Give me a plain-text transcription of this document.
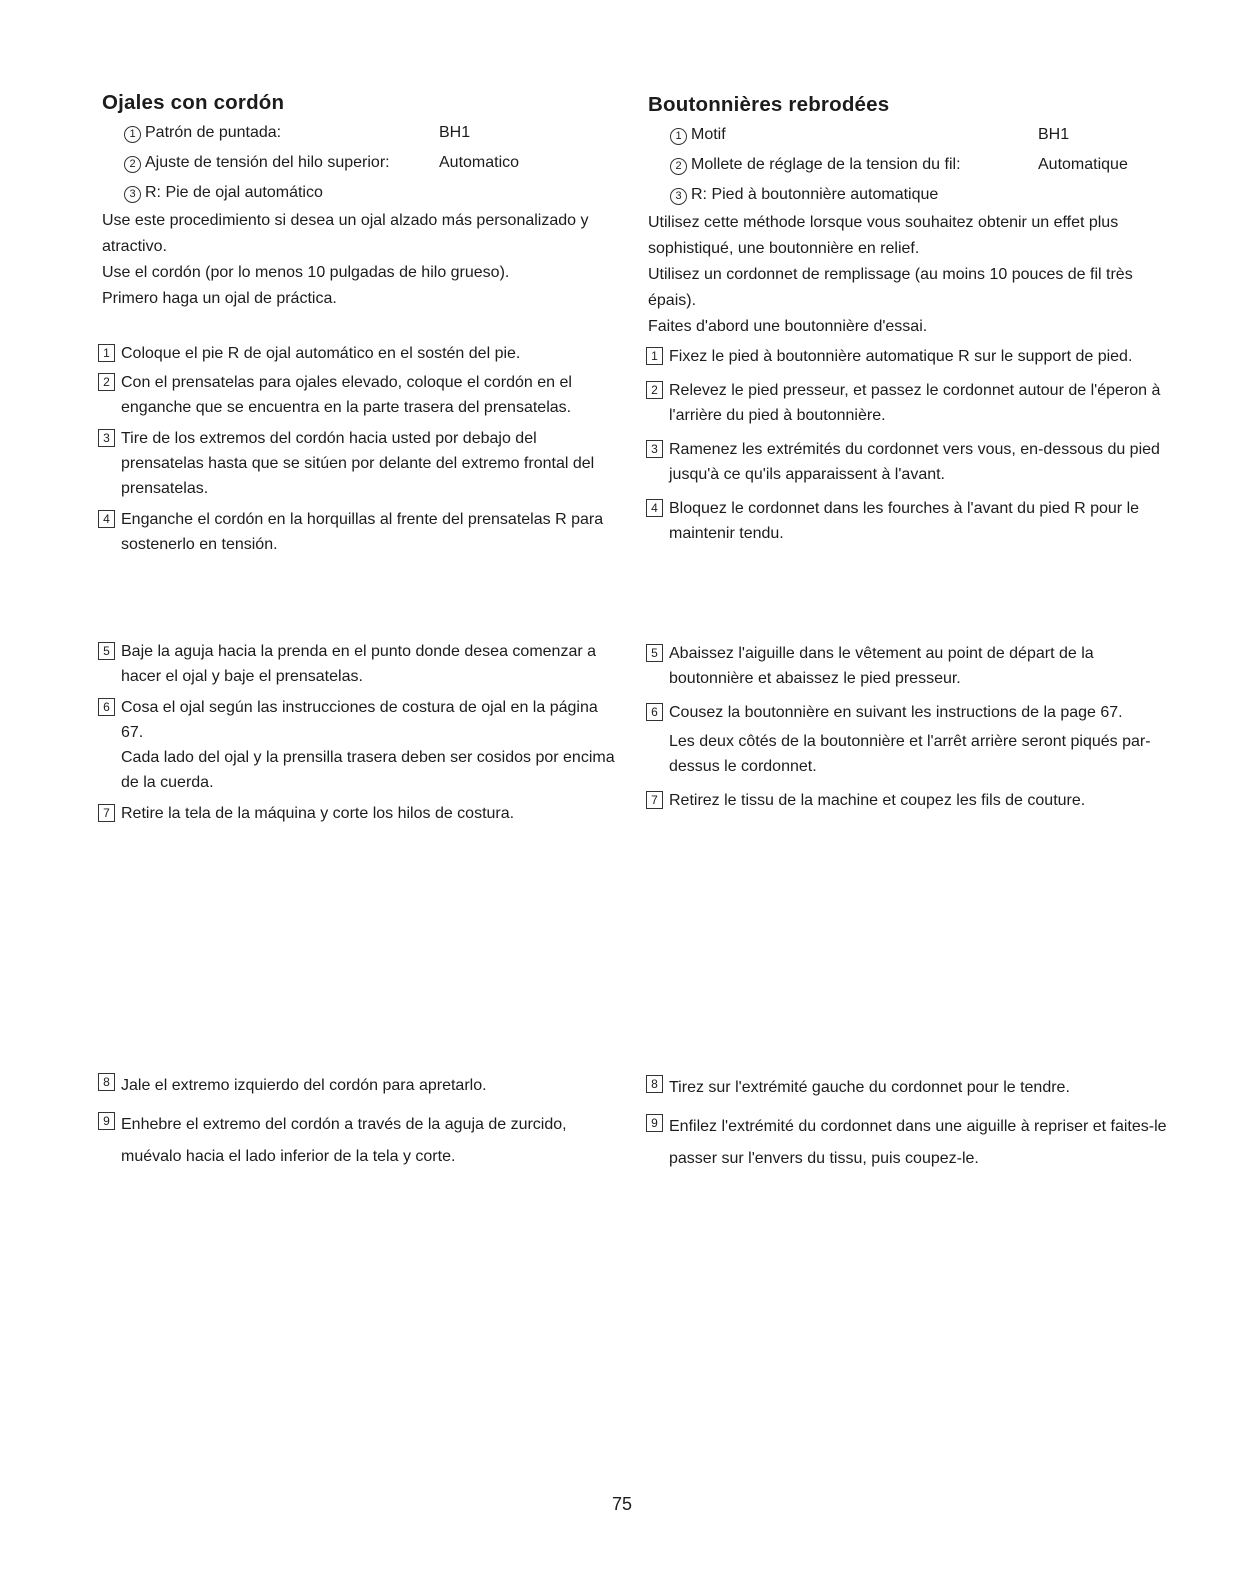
Ojales con cordón
1 Patrón de puntada:	BH1
2 Ajuste de tensión del hilo superior:	Automatico
3 R: Pie de ojal automático

Use este procedimiento si desea un ojal alzado más personalizado y atractivo.

Use el cordón (por lo menos 10 pulgadas de hilo grueso).

Primero haga un ojal de práctica.

1 Coloque el pie R de ojal automático en el sostén del pie.

2 Con el prensatelas para ojales elevado, coloque el cordón en el enganche que se encuentra en la parte trasera del prensatelas.

3 Tire de los extremos del cordón hacia usted por debajo del prensatelas hasta que se sitúen por delante del extremo frontal del prensatelas.

4 Enganche el cordón en la horquillas al frente del prensatelas R para sostenerlo en tensión.

5 Baje la aguja hacia la prenda en el punto donde desea comenzar a hacer el ojal y baje el prensatelas.

6 Cosa el ojal según las instrucciones de costura de ojal en la página 67.

Cada lado del ojal y la prensilla trasera deben ser cosidos por encima de la cuerda.

7 Retire la tela de la máquina y corte los hilos de costura.

8 Jale el extremo izquierdo del cordón para apretarlo.

9 Enhebre el extremo del cordón a través de la aguja de zurcido, muévalo hacia el lado inferior de la tela y corte.

Boutonnières rebrodées
1 Motif	BH1
2 Mollete de réglage de la tension du fil:	Automatique
3 R: Pied à boutonnière automatique

Utilisez cette méthode lorsque vous souhaitez obtenir un effet plus sophistiqué, une boutonnière en relief.

Utilisez un cordonnet de remplissage (au moins 10 pouces de fil très épais).

Faites d'abord une boutonnière d'essai.

1 Fixez le pied à boutonnière automatique R sur le support de pied.

2 Relevez le pied presseur, et passez le cordonnet autour de l'éperon à l'arrière du pied à boutonnière.

3 Ramenez les extrémités du cordonnet vers vous, en-dessous du pied jusqu'à ce qu'ils apparaissent à l'avant.

4 Bloquez le cordonnet dans les fourches à l'avant du pied R pour le maintenir tendu.

5 Abaissez l'aiguille dans le vêtement au point de départ de la boutonnière et abaissez le pied presseur.

6 Cousez la boutonnière en suivant les instructions de la page 67.

Les deux côtés de la boutonnière et l'arrêt arrière seront piqués par-dessus le cordonnet.

7 Retirez le tissu de la machine et coupez les fils de couture.

8 Tirez sur l'extrémité gauche du cordonnet pour le tendre.

9 Enfilez l'extrémité du cordonnet dans une aiguille à repriser et faites-le passer sur l'envers du tissu, puis coupez-le.

75
